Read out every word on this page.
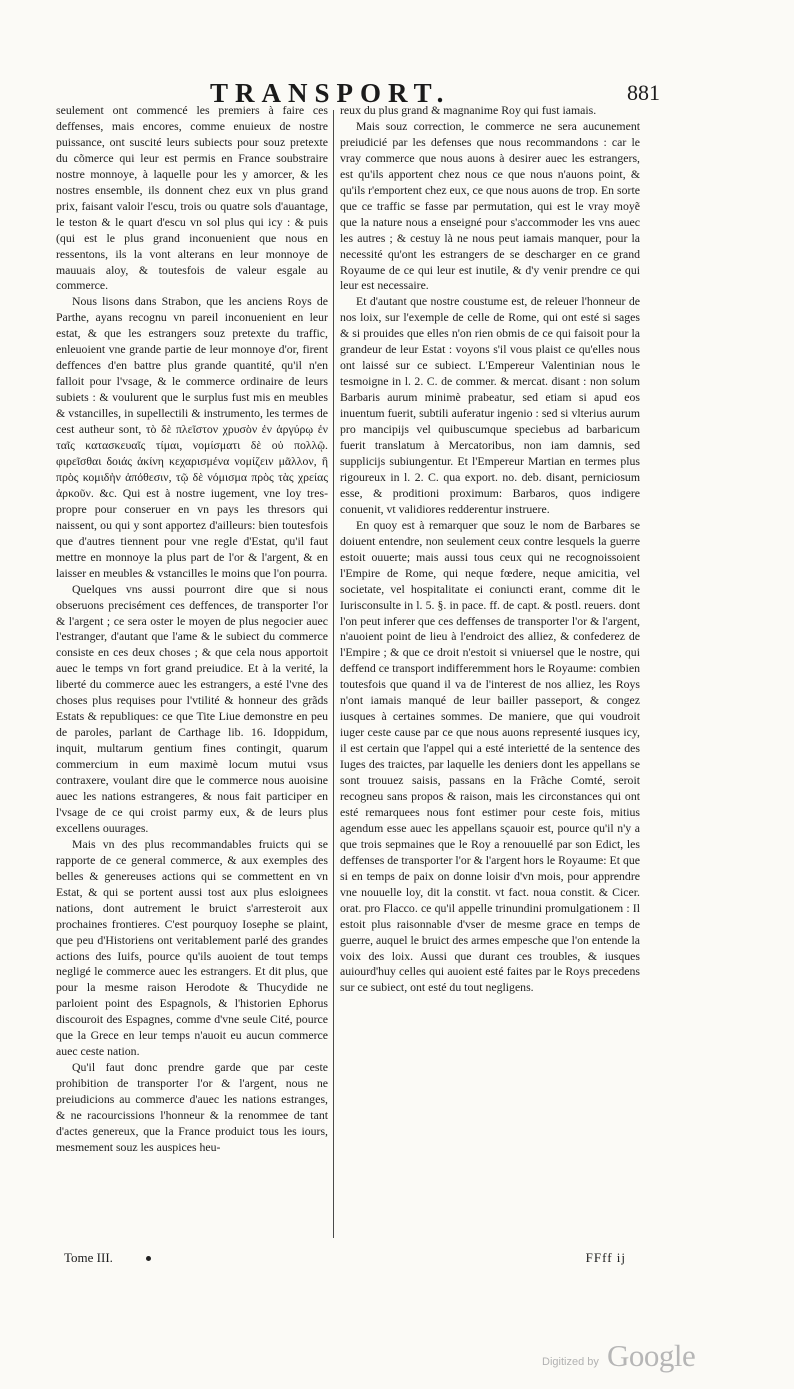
TRANSPORT.	881

seulement ont commencé les premiers à faire ces deffenses, mais encores, comme enuieux de nostre puissance, ont suscité leurs subiects pour souz pretexte du cõmerce qui leur est permis en France soubstraire nostre monnoye, à laquelle pour les y amorcer, & les nostres ensemble, ils donnent chez eux vn plus grand prix, faisant valoir l'escu, trois ou quatre sols d'auantage, le teston & le quart d'escu vn sol plus qui icy : & puis (qui est le plus grand inconuenient que nous en ressentons, ils la vont alterans en leur monnoye de mauuais aloy, & toutesfois de valeur esgale au commerce.

Nous lisons dans Strabon, que les anciens Roys de Parthe, ayans recognu vn pareil inconuenient en leur estat, & que les estrangers souz pretexte du traffic, enleuoient vne grande partie de leur monnoye d'or, firent deffences d'en battre plus grande quantité, qu'il n'en falloit pour l'vsage, & le commerce ordinaire de leurs subiets : & voulurent que le surplus fust mis en meubles & vstancilles, in supellectili & instrumento, les termes de cest autheur sont, τὸ δὲ πλεῖστον χρυσὸν ἐν ἀργύρῳ ἐν ταῖς κατασκευαῖς τίμαι, νομίσματι δὲ οὐ πολλῷ. φιρεῖσθαι δοιάς ἀκίνη κεχαρισμένα νομίζειν μᾶλλον, ἢ πρὸς κομιδὴν ἀπόθεσιν, τῷ δὲ νόμισμα πρὸς τὰς χρείας ἀρκοῦν. &c. Qui est à nostre iugement, vne loy tres-propre pour conseruer en vn pays les thresors qui naissent, ou qui y sont apportez d'ailleurs: bien toutesfois que d'autres tiennent pour vne regle d'Estat, qu'il faut mettre en monnoye la plus part de l'or & l'argent, & en laisser en meubles & vstancilles le moins que l'on pourra.

Quelques vns aussi pourront dire que si nous obseruons precisément ces deffences, de transporter l'or & l'argent ; ce sera oster le moyen de plus negocier auec l'estranger, d'autant que l'ame & le subiect du commerce consiste en ces deux choses ; & que cela nous apportoit auec le temps vn fort grand preiudice. Et à la verité, la liberté du commerce auec les estrangers, a esté l'vne des choses plus requises pour l'vtilité & honneur des grãds Estats & republiques: ce que Tite Liue demonstre en peu de paroles, parlant de Carthage lib. 16. Idoppidum, inquit, multarum gentium fines contingit, quarum commercium in eum maximè locum mutui vsus contraxere, voulant dire que le commerce nous auoisine auec les nations estrangeres, & nous fait participer en l'vsage de ce qui croist parmy eux, & de leurs plus excellens ouurages.

Mais vn des plus recommandables fruicts qui se rapporte de ce general commerce, & aux exemples des belles & genereuses actions qui se commettent en vn Estat, & qui se portent aussi tost aux plus esloignees nations, dont autrement le bruict s'arresteroit aux prochaines frontieres. C'est pourquoy Iosephe se plaint, que peu d'Historiens ont veritablement parlé des grandes actions des Iuifs, pource qu'ils auoient de tout temps negligé le commerce auec les estrangers. Et dit plus, que pour la mesme raison Herodote & Thucydide ne parloient point des Espagnols, & l'historien Ephorus discouroit des Espagnes, comme d'vne seule Cité, pource que la Grece en leur temps n'auoit eu aucun commerce auec ceste nation.

Qu'il faut donc prendre garde que par ceste prohibition de transporter l'or & l'argent, nous ne preiudicions au commerce d'auec les nations estranges, & ne racourcissions l'honneur & la renommee de tant d'actes genereux, que la France produict tous les iours, mesmement souz les auspices heu-

reux du plus grand & magnanime Roy qui fust iamais.

Mais souz correction, le commerce ne sera aucunement preiudicié par les defenses que nous recommandons : car le vray commerce que nous auons à desirer auec les estrangers, est qu'ils apportent chez nous ce que nous n'auons point, & qu'ils r'emportent chez eux, ce que nous auons de trop. En sorte que ce traffic se fasse par permutation, qui est le vray moyẽ que la nature nous a enseigné pour s'accommoder les vns auec les autres ; & cestuy là ne nous peut iamais manquer, pour la necessité qu'ont les estrangers de se descharger en ce grand Royaume de ce qui leur est inutile, & d'y venir prendre ce qui leur est necessaire.

Et d'autant que nostre coustume est, de releuer l'honneur de nos loix, sur l'exemple de celle de Rome, qui ont esté si sages & si prouides que elles n'on rien obmis de ce qui faisoit pour la grandeur de leur Estat : voyons s'il vous plaist ce qu'elles nous ont laissé sur ce subiect. L'Empereur Valentinian nous le tesmoigne in l. 2. C. de commer. & mercat. disant : non solum Barbaris aurum minimè prabeatur, sed etiam si apud eos inuentum fuerit, subtili auferatur ingenio : sed si vlterius aurum pro mancipijs vel quibuscumque speciebus ad barbaricum fuerit translatum à Mercatoribus, non iam damnis, sed supplicijs subiungentur. Et l'Empereur Martian en termes plus rigoureux in l. 2. C. qua export. no. deb. disant, perniciosum esse, & proditioni proximum: Barbaros, quos indigere conuenit, vt validiores redderentur instruere.

En quoy est à remarquer que souz le nom de Barbares se doiuent entendre, non seulement ceux contre lesquels la guerre estoit ouuerte; mais aussi tous ceux qui ne recognoissoient l'Empire de Rome, qui neque fœdere, neque amicitia, vel societate, vel hospitalitate ei coniuncti erant, comme dit le Iurisconsulte in l. 5. §. in pace. ff. de capt. & postl. reuers. dont l'on peut inferer que ces deffenses de transporter l'or & l'argent, n'auoient point de lieu à l'endroict des alliez, & confederez de l'Empire ; & que ce droit n'estoit si vniuersel que le nostre, qui deffend ce transport indifferemment hors le Royaume: combien toutesfois que quand il va de l'interest de nos alliez, les Roys n'ont iamais manqué de leur bailler passeport, & congez iusques à certaines sommes. De maniere, que qui voudroit iuger ceste cause par ce que nous auons representé iusques icy, il est certain que l'appel qui a esté interietté de la sentence des Iuges des traictes, par laquelle les deniers dont les appellans se sont trouuez saisis, passans en la Frãche Comté, seroit recogneu sans propos & raison, mais les circonstances qui ont esté remarquees nous font estimer pour ceste fois, mitius agendum esse auec les appellans sçauoir est, pource qu'il n'y a que trois sepmaines que le Roy a renouuellé par son Edict, les deffenses de transporter l'or & l'argent hors le Royaume: Et que si en temps de paix on donne loisir d'vn mois, pour apprendre vne nouuelle loy, dit la constit. vt fact. noua constit. & Cicer. orat. pro Flacco. ce qu'il appelle trinundini promulgationem : Il estoit plus raisonnable d'vser de mesme grace en temps de guerre, auquel le bruict des armes empesche que l'on entende la voix des loix. Aussi que durant ces troubles, & iusques auiourd'huy celles qui auoient esté faites par le Roys precedens sur ce subiect, ont esté du tout negligens.

Tome III.	FFff ij
Digitized by Google
